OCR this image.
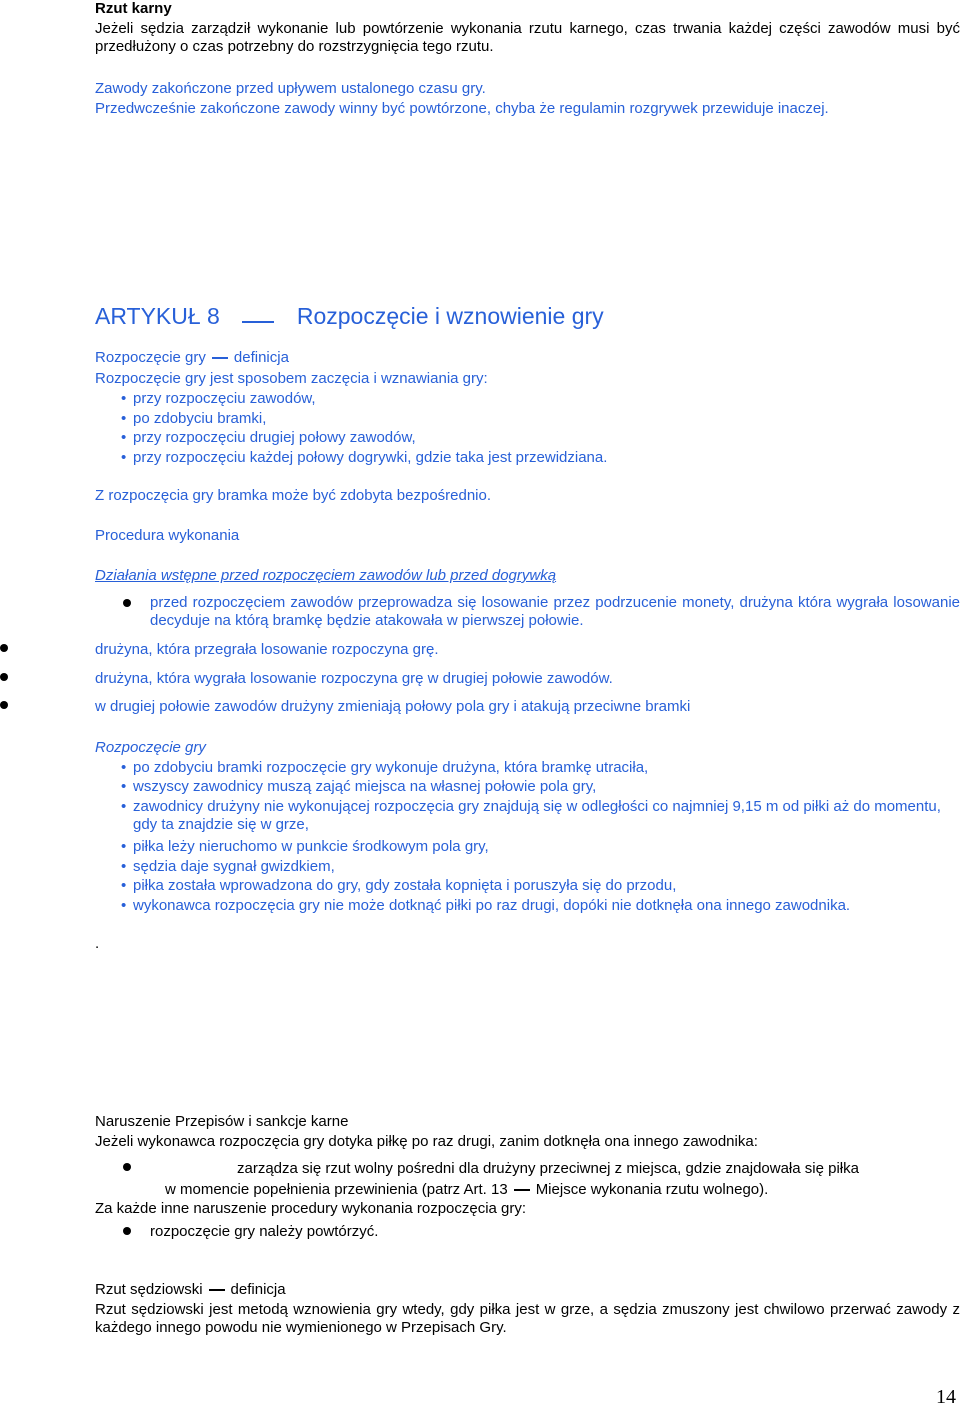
Rzut karny
Jeżeli sędzia zarządził wykonanie lub powtórzenie wykonania rzutu karnego, czas trwania każdej części zawodów musi być przedłużony o czas potrzebny do rozstrzygnięcia tego rzutu.
Zawody zakończone przed upływem ustalonego czasu gry.
Przedwcześnie zakończone zawody winny być powtórzone, chyba że regulamin rozgrywek przewiduje inaczej.
ARTYKUŁ 8	Rozpoczęcie i wznowienie gry
Rozpoczęcie gry definicja
Rozpoczęcie gry jest sposobem zaczęcia i wznawiania gry:
• przy rozpoczęciu zawodów,
• po zdobyciu bramki,
• przy rozpoczęciu drugiej połowy zawodów,
• przy rozpoczęciu każdej połowy dogrywki, gdzie taka jest przewidziana.
Z rozpoczęcia gry bramka może być zdobyta bezpośrednio.
Procedura wykonania
Działania wstępne przed rozpoczęciem zawodów lub przed dogrywką
przed rozpoczęciem zawodów przeprowadza się losowanie przez podrzucenie monety, drużyna która wygrała losowanie decyduje na którą bramkę będzie atakowała w pierwszej połowie.
drużyna, która przegrała losowanie rozpoczyna grę.
drużyna, która wygrała losowanie rozpoczyna grę w drugiej połowie zawodów.
w drugiej połowie zawodów drużyny zmieniają połowy pola gry i atakują przeciwne bramki
Rozpoczęcie gry
• po zdobyciu bramki rozpoczęcie gry wykonuje drużyna, która bramkę utraciła,
• wszyscy zawodnicy muszą zająć miejsca na własnej połowie pola gry,
• zawodnicy drużyny nie wykonującej rozpoczęcia gry znajdują się w odległości co najmniej 9,15 m od piłki aż do momentu, gdy ta znajdzie się w grze,
• piłka leży nieruchomo w punkcie środkowym pola gry,
• sędzia daje sygnał gwizdkiem,
• piłka została wprowadzona do gry, gdy została kopnięta i poruszyła się do przodu,
• wykonawca rozpoczęcia gry nie może dotknąć piłki po raz drugi, dopóki nie dotknęła ona innego zawodnika.
.
Naruszenie Przepisów i sankcje karne
Jeżeli wykonawca rozpoczęcia gry dotyka piłkę po raz drugi, zanim dotknęła ona innego zawodnika:
zarządza się rzut wolny pośredni dla drużyny przeciwnej z miejsca, gdzie znajdowała się piłka
w momencie popełnienia przewinienia (patrz Art. 13 Miejsce wykonania rzutu wolnego).
Za każde inne naruszenie procedury wykonania rozpoczęcia gry:
rozpoczęcie gry należy powtórzyć.
Rzut sędziowski definicja
Rzut sędziowski jest metodą wznowienia gry wtedy, gdy piłka jest w grze, a sędzia zmuszony jest chwilowo przerwać zawody z każdego innego powodu nie wymienionego w Przepisach Gry.
14
